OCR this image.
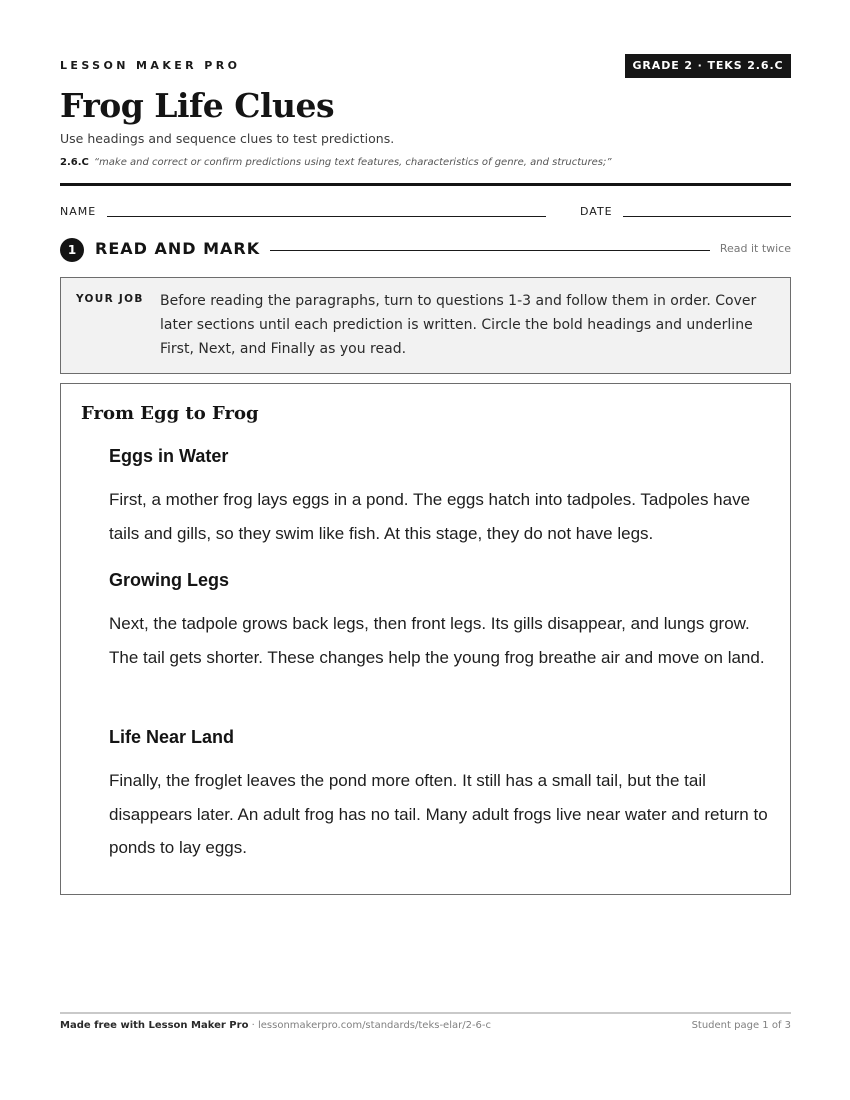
LESSON MAKER PRO	GRADE 2 · TEKS 2.6.C
Frog Life Clues
Use headings and sequence clues to test predictions.
2.6.C “make and correct or confirm predictions using text features, characteristics of genre, and structures;”
NAME	DATE
1	READ AND MARK	Read it twice
YOUR JOB Before reading the paragraphs, turn to questions 1-3 and follow them in order. Cover later sections until each prediction is written. Circle the bold headings and underline First, Next, and Finally as you read.
From Egg to Frog
Eggs in Water
First, a mother frog lays eggs in a pond. The eggs hatch into tadpoles. Tadpoles have tails and gills, so they swim like fish. At this stage, they do not have legs.
Growing Legs
Next, the tadpole grows back legs, then front legs. Its gills disappear, and lungs grow. The tail gets shorter. These changes help the young frog breathe air and move on land.
Life Near Land
Finally, the froglet leaves the pond more often. It still has a small tail, but the tail disappears later. An adult frog has no tail. Many adult frogs live near water and return to ponds to lay eggs.
Made free with Lesson Maker Pro · lessonmakerpro.com/standards/teks-elar/2-6-c	Student page 1 of 3
